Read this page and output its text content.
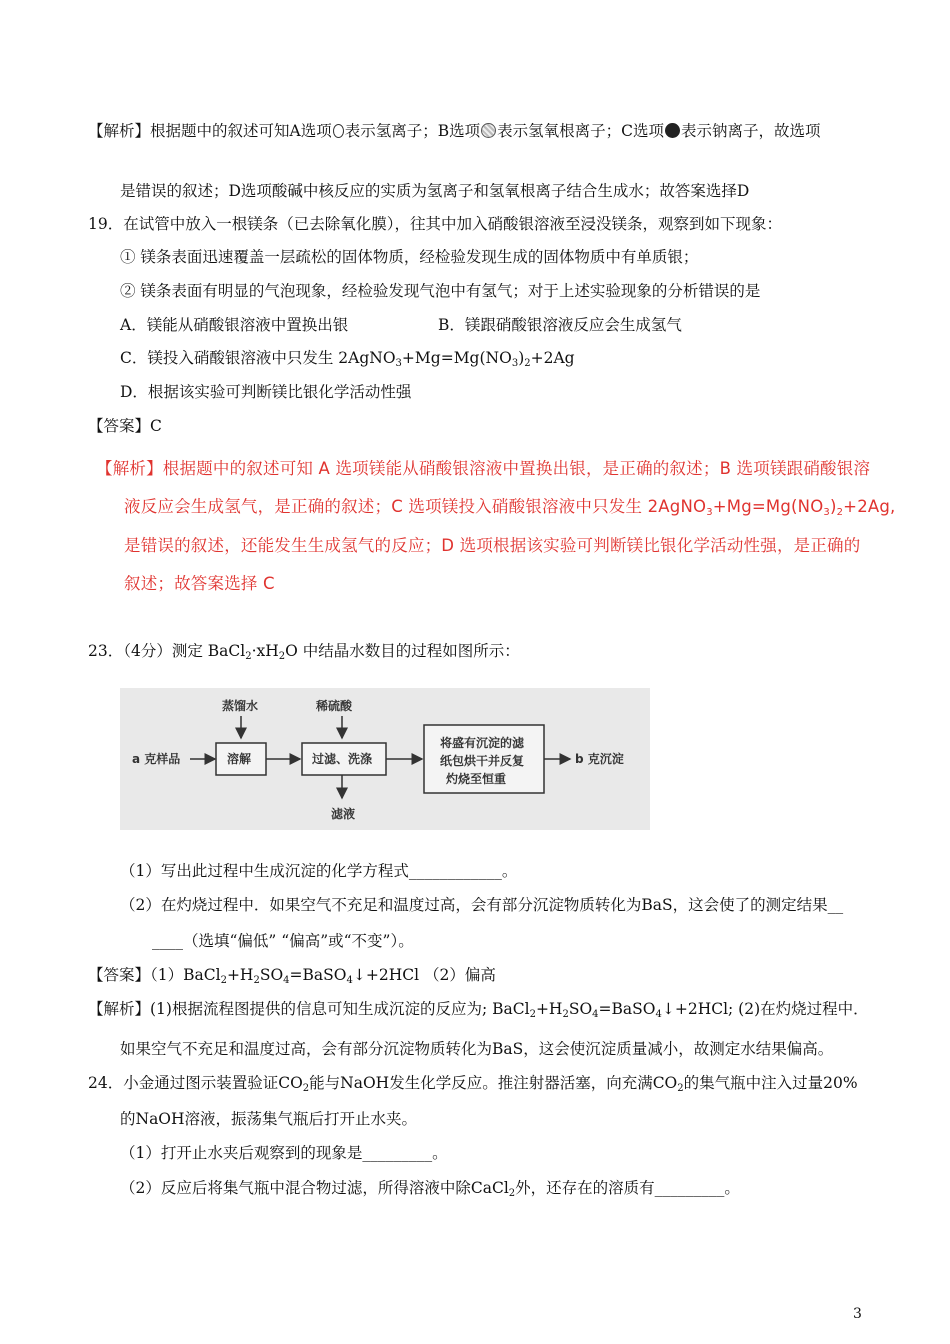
【解析】根据题中的叙述可知A选项 表示氢离子；B选项 表示氢氧根离子；C选项 表示钠离子，故选项
是错误的叙述；D选项酸碱中核反应的实质为氢离子和氢氧根离子结合生成水；故答案选择D
19．在试管中放入一根镁条（已去除氧化膜），往其中加入硝酸银溶液至浸没镁条，观察到如下现象：
① 镁条表面迅速覆盖一层疏松的固体物质，经检验发现生成的固体物质中有单质银；
② 镁条表面有明显的气泡现象，经检验发现气泡中有氢气；对于上述实验现象的分析错误的是
A．镁能从硝酸银溶液中置换出银	B．镁跟硝酸银溶液反应会生成氢气
C．镁投入硝酸银溶液中只发生 $2AgNO_3+Mg=Mg(NO_3)_2+2Ag$
D．根据该实验可判断镁比银化学活动性强
【答案】C
【解析】根据题中的叙述可知 A 选项镁能从硝酸银溶液中置换出银，是正确的叙述；B 选项镁跟硝酸银溶
液反应会生成氢气，是正确的叙述；C 选项镁投入硝酸银溶液中只发生 $2AgNO_3+Mg=Mg(NO_3)_2+2Ag$,
是错误的叙述，还能发生生成氢气的反应；D 选项根据该实验可判断镁比银化学活动性强，是正确的
叙述；故答案选择 C
23．（4分）测定 $BaCl_2\cdot xH_2O$ 中结晶水数目的过程如图所示：
a 克样品
蒸馏水
溶解
稀硫酸
过滤、洗涤
滤液
将盛有沉淀的滤
纸包烘干并反复
灼烧至恒重
b 克沉淀
（1）写出此过程中生成沉淀的化学方程式____________。
（2）在灼烧过程中．如果空气不充足和温度过高，会有部分沉淀物质转化为BaS，这会使了的测定结果__
____（选填“偏低” “偏高”或“不变”）。
【答案】$(1)BaCl_2+H_2SO_4=BaSO_4↓+2HCl$ （2）偏高
【解析】(1)根据流程图提供的信息可知生成沉淀的反应为; $BaCl_2+H_2SO_4=BaSO_4↓+2HCl$; (2)在灼烧过程中．
如果空气不充足和温度过高，会有部分沉淀物质转化为BaS，这会使沉淀质量减小，故测定水结果偏高。
24．小金通过图示装置验证$CO_2$能与NaOH发生化学反应。推注射器活塞，向充满$CO_2$的集气瓶中注入过量20%
的NaOH溶液，振荡集气瓶后打开止水夹。
（1）打开止水夹后观察到的现象是_________。
（2）反应后将集气瓶中混合物过滤，所得溶液中除CaCl$_2$外，还存在的溶质有_________。
3
